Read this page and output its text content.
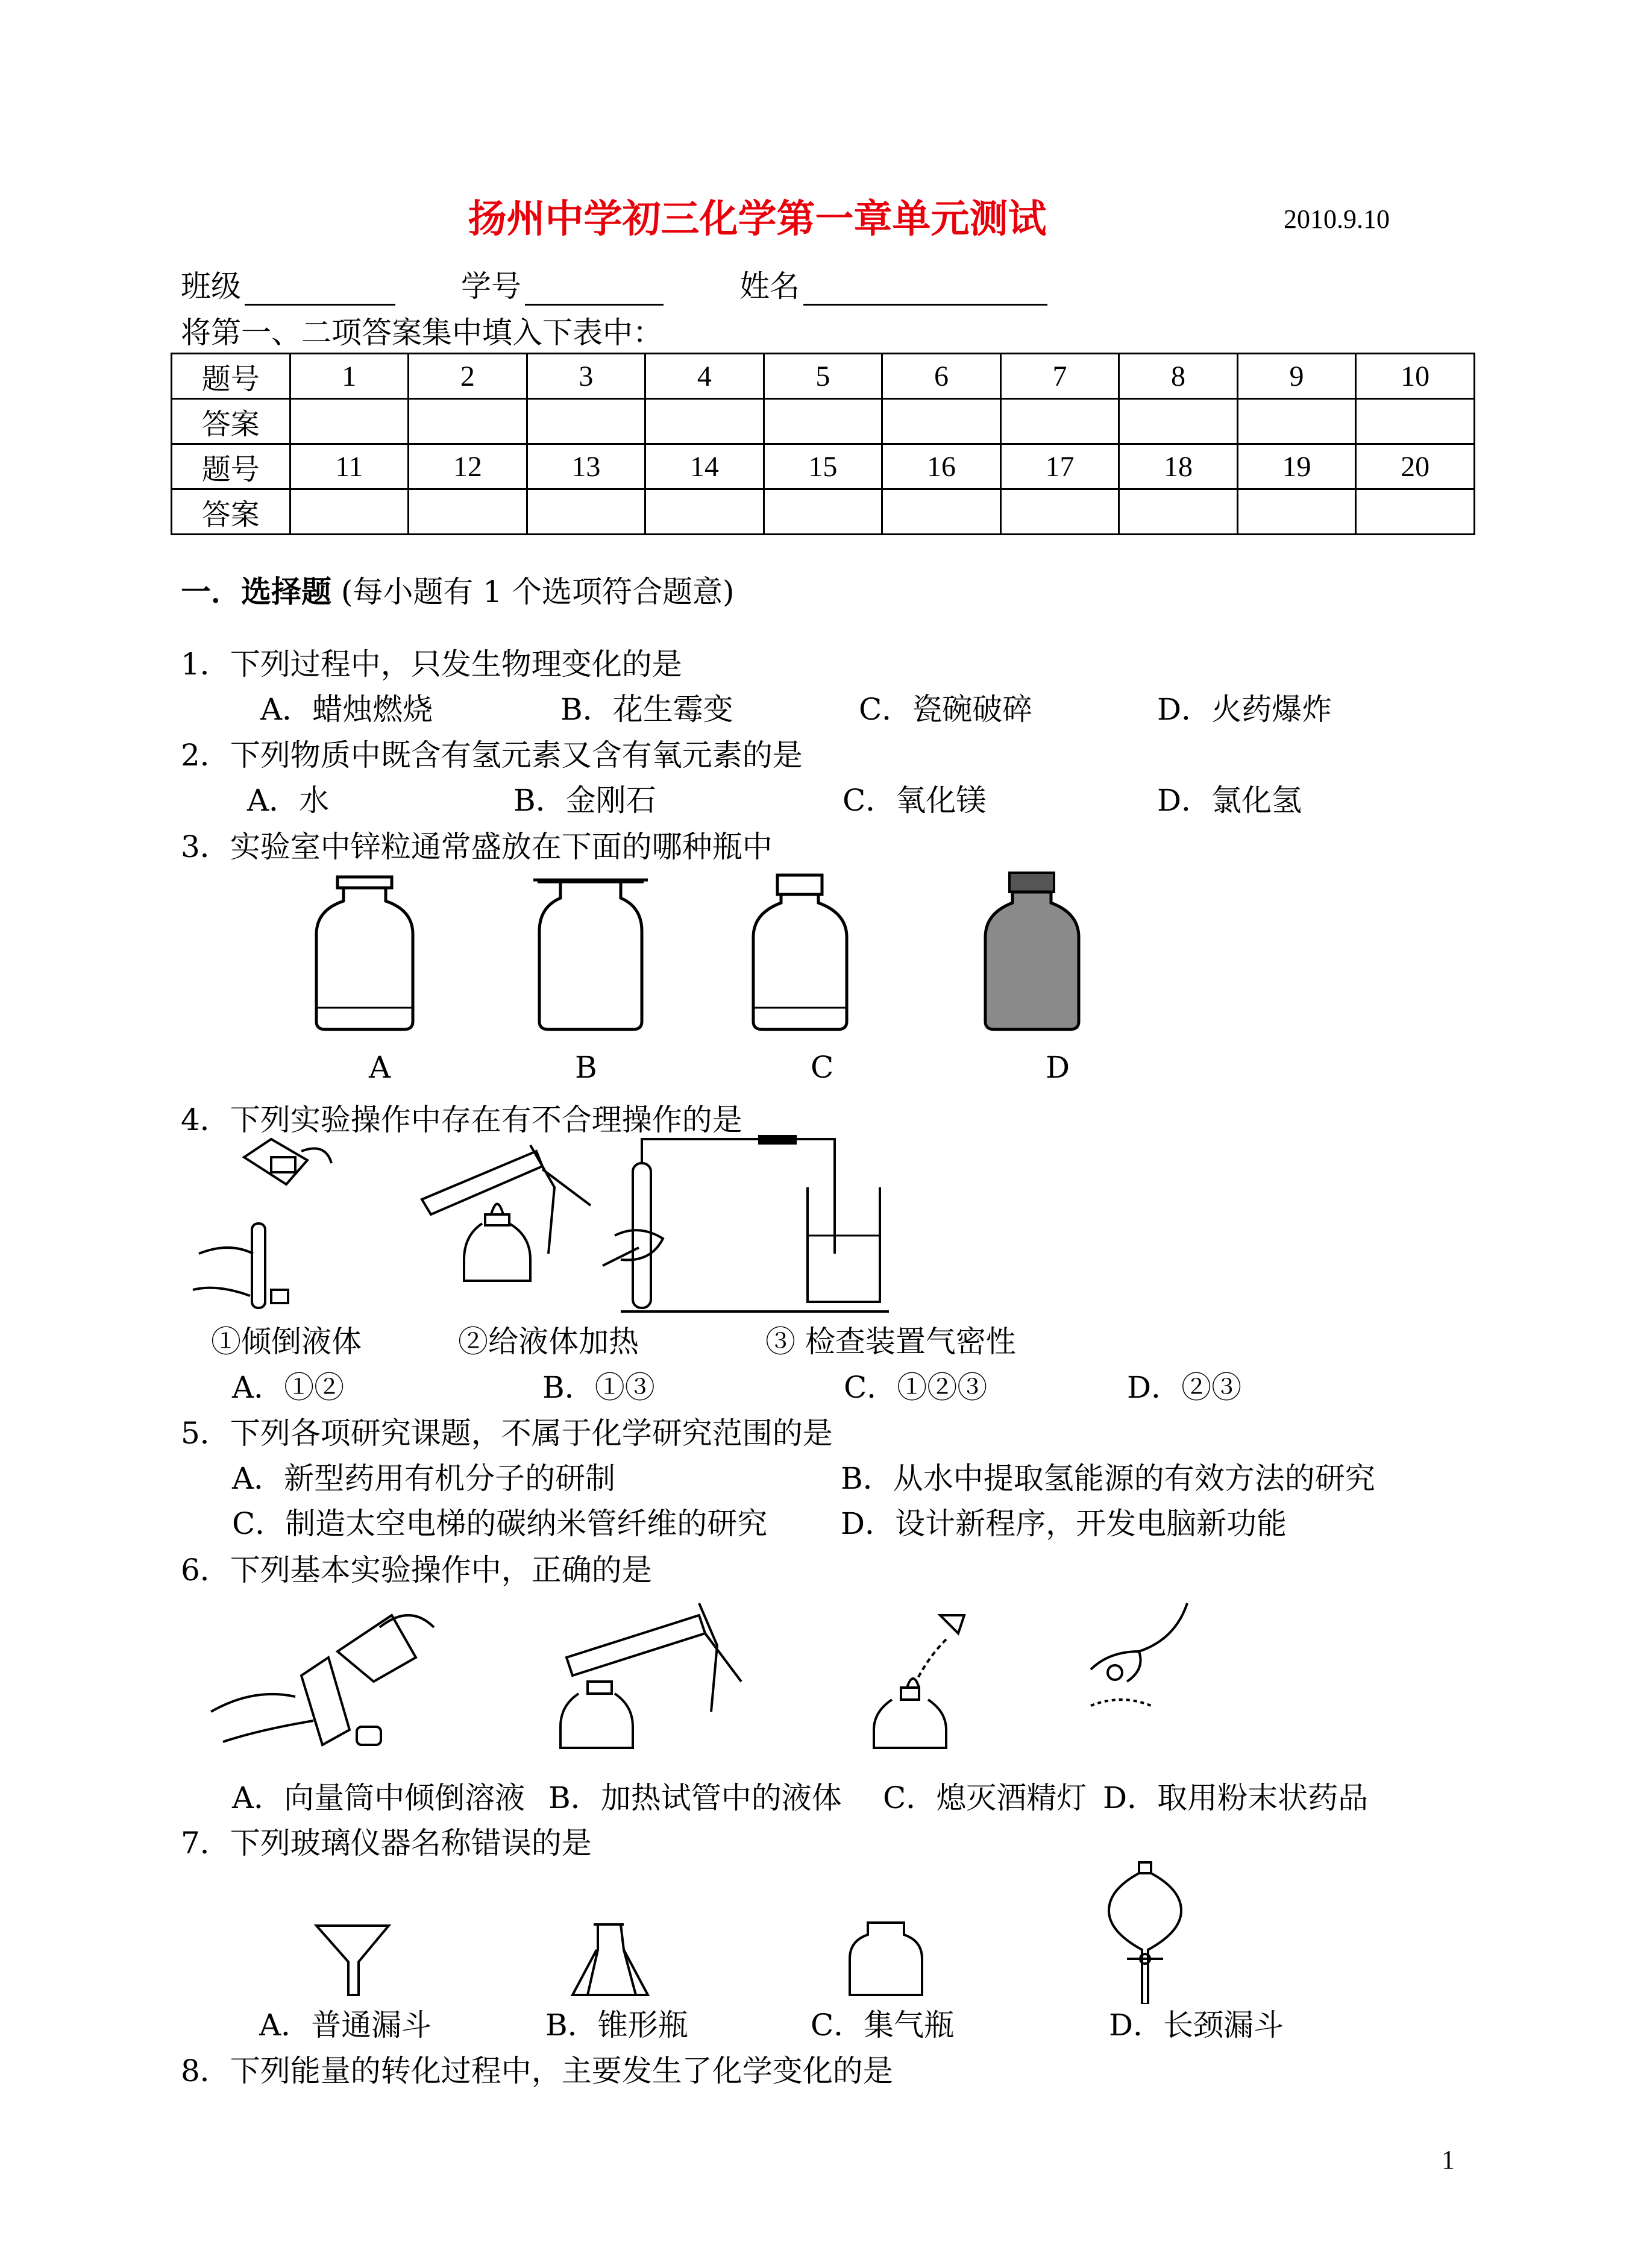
扬州中学初三化学第一章单元测试	2010.9.10
班级	学号	姓名
将第一、二项答案集中填入下表中：
题号	1	2	3	4	5	6	7	8	9	10
答案										
题号	11	12	13	14	15	16	17	18	19	20
答案										
一．选择题 (每小题有 1 个选项符合题意)
1．下列过程中，只发生物理变化的是
A．蜡烛燃烧	B．花生霉变	C．瓷碗破碎	D．火药爆炸
2．下列物质中既含有氢元素又含有氧元素的是
A．水	B．金刚石	C．氧化镁	D．氯化氢
3．实验室中锌粒通常盛放在下面的哪种瓶中
A	B	C	D
4．下列实验操作中存在有不合理操作的是
①倾倒液体	②给液体加热	③ 检查装置气密性
A．①②	B．①③	C．①②③	D．②③
5．下列各项研究课题，不属于化学研究范围的是
A．新型药用有机分子的研制	B．从水中提取氢能源的有效方法的研究
C．制造太空电梯的碳纳米管纤维的研究 D．设计新程序，开发电脑新功能
6．下列基本实验操作中，正确的是
A．向量筒中倾倒溶液 B．加热试管中的液体 C．熄灭酒精灯 D．取用粉末状药品
7．下列玻璃仪器名称错误的是
A．普通漏斗	B．锥形瓶	C．集气瓶	D．长颈漏斗
8．下列能量的转化过程中，主要发生了化学变化的是
1
